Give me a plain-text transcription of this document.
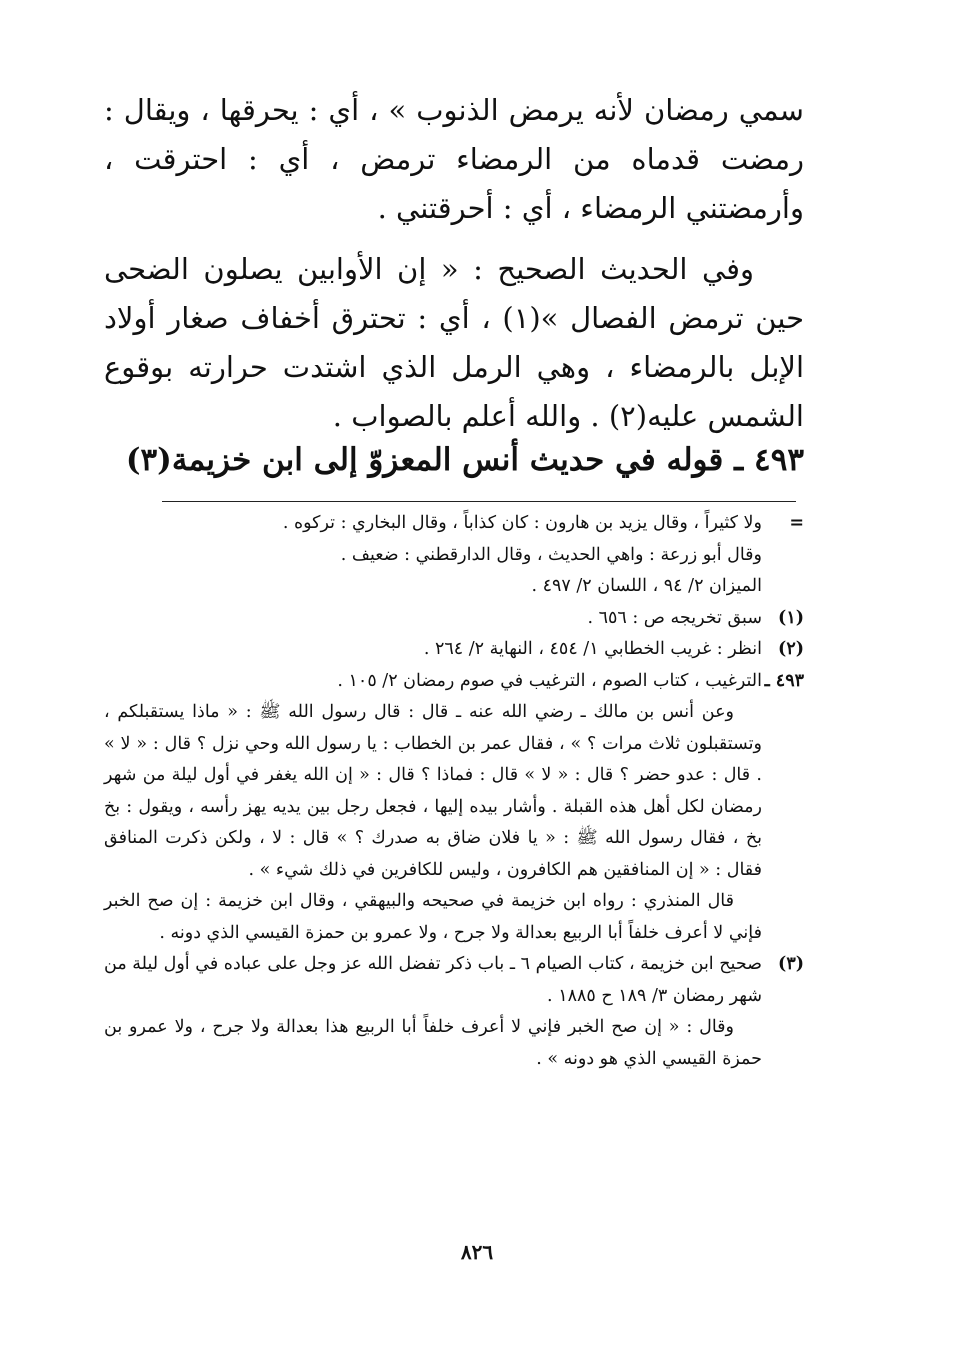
سمي رمضان لأنه يرمض الذنوب » ، أي : يحرقها ، ويقال : رمضت قدماه من الرمضاء ترمض ، أي : احترقت ، وأرمضتني الرمضاء ، أي : أحرقتني .

وفي الحديث الصحيح : « إن الأوابين يصلون الضحى حين ترمض الفصال »(١) ، أي : تحترق أخفاف صغار أولاد الإبل بالرمضاء ، وهي الرمل الذي اشتدت حرارته بوقوع الشمس عليه(٢) . والله أعلم بالصواب .

٤٩٣ ـ قوله في حديث أنس المعزوّ إلى ابن خزيمة(٣)
=

ولا كثيراً ، وقال يزيد بن هارون : كان كذاباً ، وقال البخاري : تركوه .

وقال أبو زرعة : واهي الحديث ، وقال الدارقطني : ضعيف .

الميزان ٢/ ٩٤ ، اللسان ٢/ ٤٩٧ .

(١)

سبق تخريجه ص : ٦٥٦ .

(٢)

انظر : غريب الخطابي ١/ ٤٥٤ ، النهاية ٢/ ٢٦٤ .

٤٩٣ ـ

الترغيب ، كتاب الصوم ، الترغيب في صوم رمضان ٢/ ١٠٥ .

وعن أنس بن مالك ـ رضي الله عنه ـ قال : قال رسول الله ﷺ : « ماذا يستقبلكم ، وتستقبلون ثلاث مرات ؟ » ، فقال عمر بن الخطاب : يا رسول الله وحي نزل ؟ قال : « لا » . قال : عدو حضر ؟ قال : « لا » قال : فماذا ؟ قال : « إن الله يغفر في أول ليلة من شهر رمضان لكل أهل هذه القبلة . وأشار بيده إليها ، فجعل رجل بين يديه يهز رأسه ، ويقول : بخ بخ ، فقال رسول الله ﷺ : « يا فلان ضاق به صدرك ؟ » قال : لا ، ولكن ذكرت المنافق فقال : « إن المنافقين هم الكافرون ، وليس للكافرين في ذلك شيء » .

قال المنذري : رواه ابن خزيمة في صحيحه والبيهقي ، وقال ابن خزيمة : إن صح الخبر فإني لا أعرف خلفاً أبا الربيع بعدالة ولا جرح ، ولا عمرو بن حمزة القيسي الذي دونه .

(٣)

صحيح ابن خزيمة ، كتاب الصيام ٦ ـ باب ذكر تفضل الله عز وجل على عباده في أول ليلة من شهر رمضان ٣/ ١٨٩ ح ١٨٨٥ .

وقال : « إن صح الخبر فإني لا أعرف خلفاً أبا الربيع هذا بعدالة ولا جرح ، ولا عمرو بن حمزة القيسي الذي هو دونه » .

٨٢٦
